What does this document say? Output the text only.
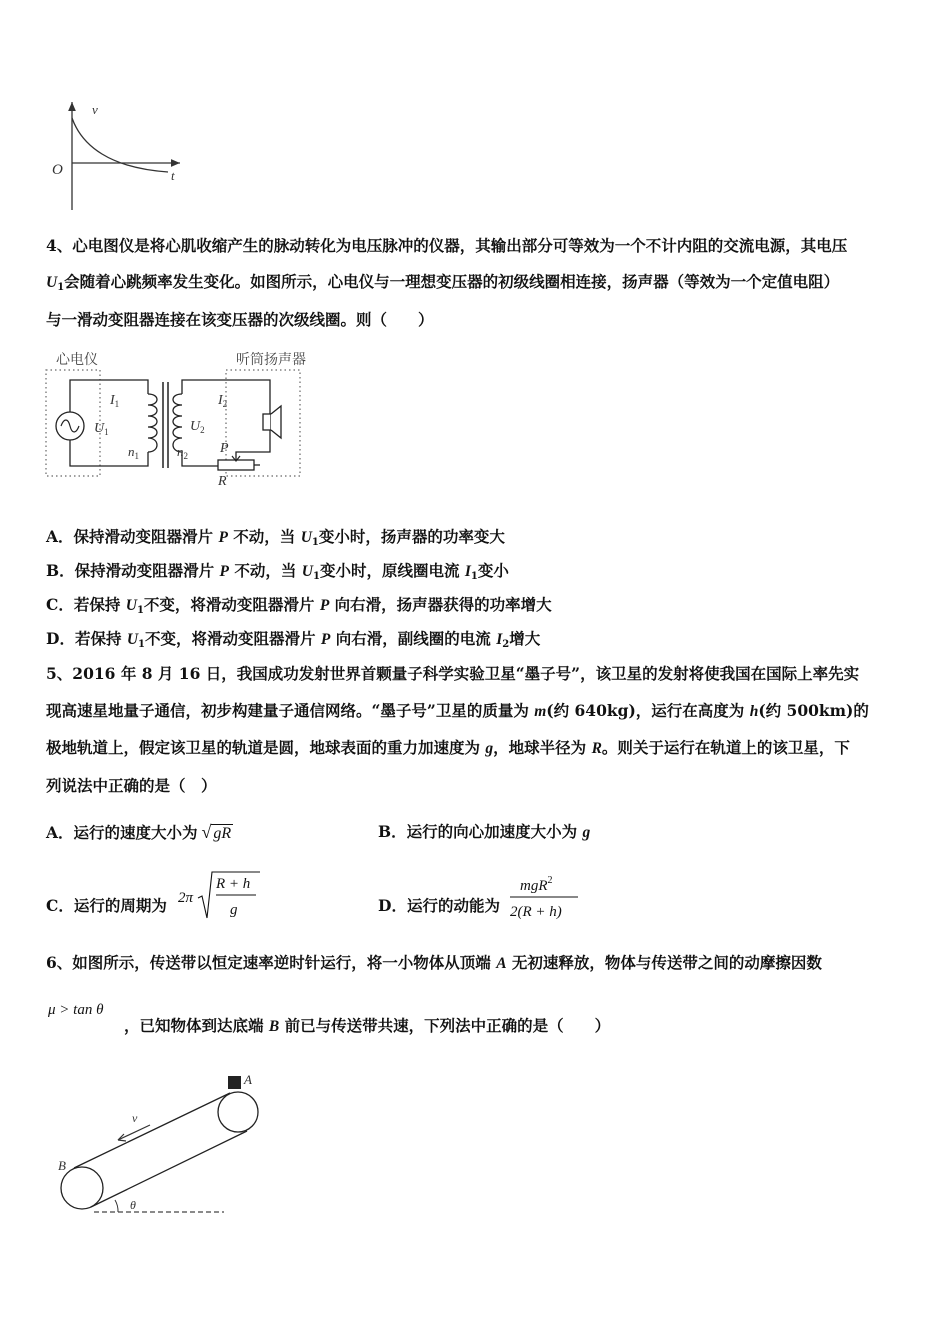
v
O	t
4、心电图仪是将心肌收缩产生的脉动转化为电压脉冲的仪器，其输出部分可等效为一个不计内阻的交流电源，其电压
$U_1$会随着心跳频率发生变化。如图所示，心电仪与一理想变压器的初级线圈相连接，扬声器（等效为一个定值电阻）
与一滑动变阻器连接在该变压器的次级线圈。则（　　）
心电仪	听筒扬声器
$I_1$
$U_1$
$n_1$
$I_2$
$U_2$
$n_2$ P
R
A．保持滑动变阻器滑片 P 不动，当 $U_1$变小时，扬声器的功率变大
B．保持滑动变阻器滑片 P 不动，当 $U_1$变小时，原线圈电流 $I_1$变小
C．若保持 $U_1$不变，将滑动变阻器滑片 P 向右滑，扬声器获得的功率增大
D．若保持 $U_1$不变，将滑动变阻器滑片 P 向右滑，副线圈的电流 $I_2$增大
5、2016 年 8 月 16 日，我国成功发射世界首颗量子科学实验卫星“墨子号”，该卫星的发射将使我国在国际上率先实
现高速星地量子通信，初步构建量子通信网络。“墨子号”卫星的质量为 m(约 640kg)，运行在高度为 h(约 500km)的
极地轨道上，假定该卫星的轨道是圆，地球表面的重力加速度为 g，地球半径为 R。则关于运行在轨道上的该卫星，下
列说法中正确的是（　）
A．运行的速度大小为 √ gR	B．运行的向心加速度大小为 g
C．运行的周期为 2π
R + h
g	D．运行的动能为
mgR$^2$
2(R + h)
6、如图所示，传送带以恒定速率逆时针运行，将一小物体从顶端 A 无初速释放，物体与传送带之间的动摩擦因数
μ > tan θ
，已知物体到达底端 B 前已与传送带共速，下列法中正确的是（　　）
A
B
v
θ
